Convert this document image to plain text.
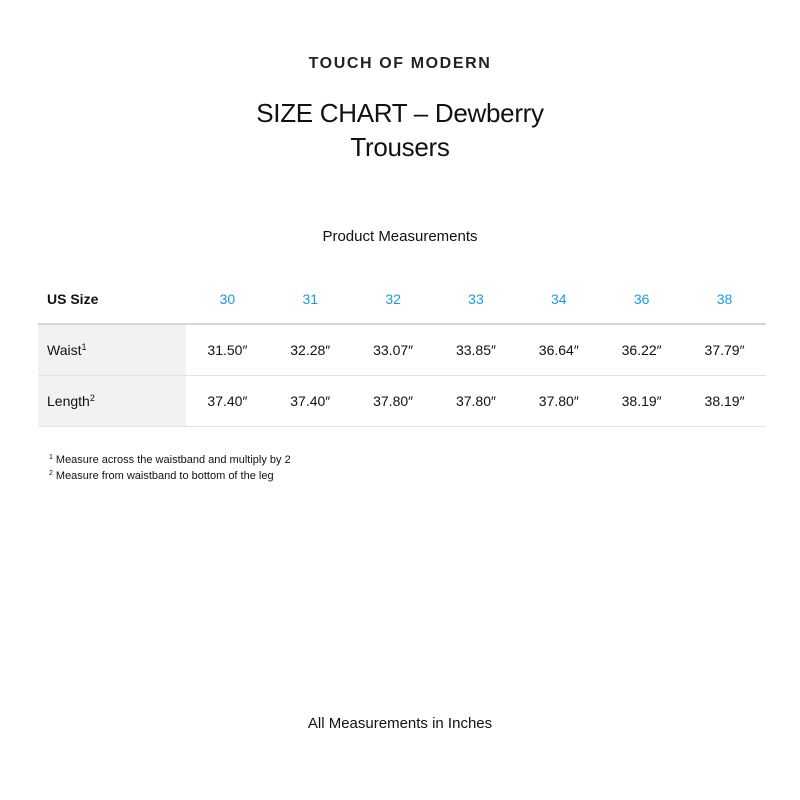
TOUCH OF MODERN
SIZE CHART – Dewberry
Trousers
Product Measurements
US Size	30	31	32	33	34	36	38
Waist$^1$	31.50″	32.28″	33.07″	33.85″	36.64″	36.22″	37.79″
Length$^2$	37.40″	37.40″	37.80″	37.80″	37.80″	38.19″	38.19″
$^1$ Measure across the waistband and multiply by 2
$^2$ Measure from waistband to bottom of the leg
All Measurements in Inches
